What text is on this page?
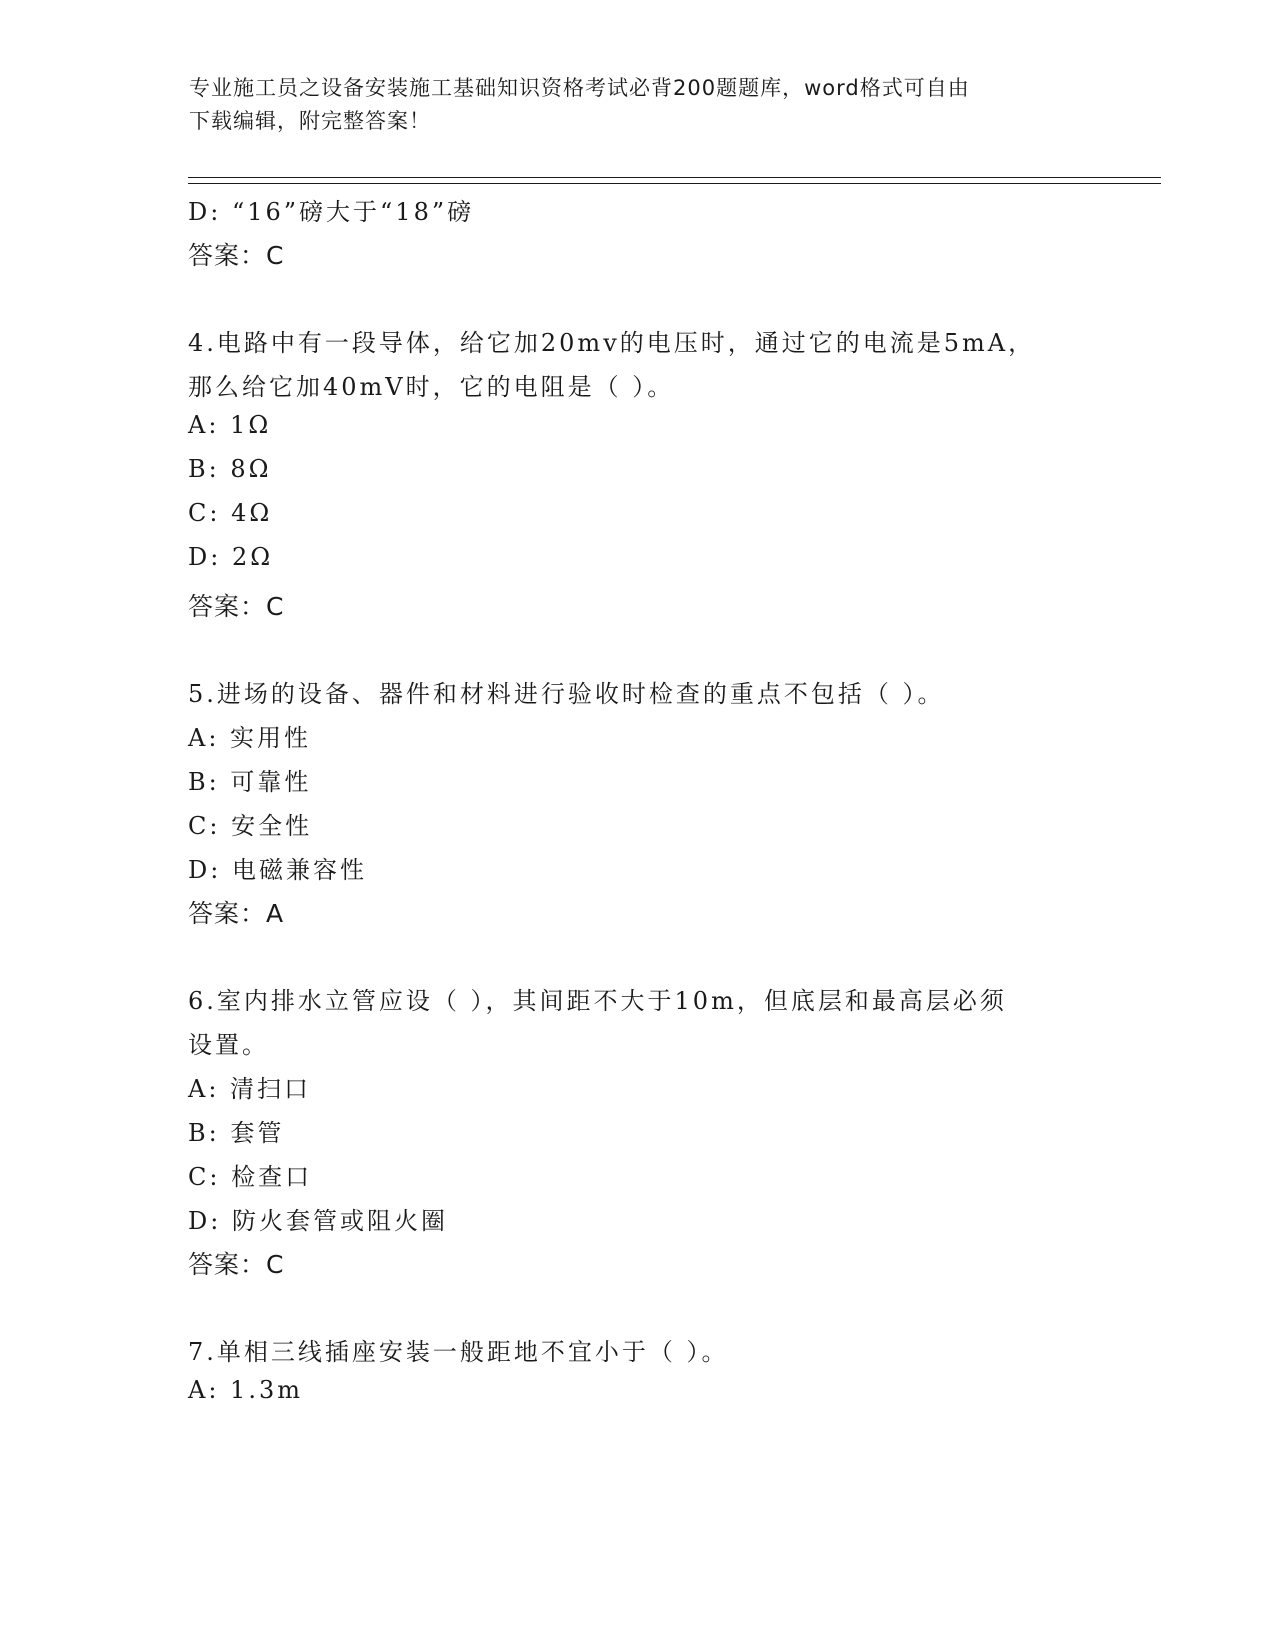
专业施工员之设备安装施工基础知识资格考试必背200题题库，word格式可自由
下载编辑，附完整答案！
D: “16”磅大于“18”磅
答案：C
4.电路中有一段导体，给它加20mv的电压时，通过它的电流是5mA，
那么给它加40mV时，它的电阻是（ ）。
A: 1Ω
B: 8Ω
C: 4Ω
D: 2Ω
答案：C
5.进场的设备、器件和材料进行验收时检查的重点不包括（ ）。
A: 实用性
B: 可靠性
C: 安全性
D: 电磁兼容性
答案：A
6.室内排水立管应设（ ），其间距不大于10m，但底层和最高层必须
设置。
A: 清扫口
B: 套管
C: 检查口
D: 防火套管或阻火圈
答案：C
7.单相三线插座安装一般距地不宜小于（ ）。
A: 1.3m
